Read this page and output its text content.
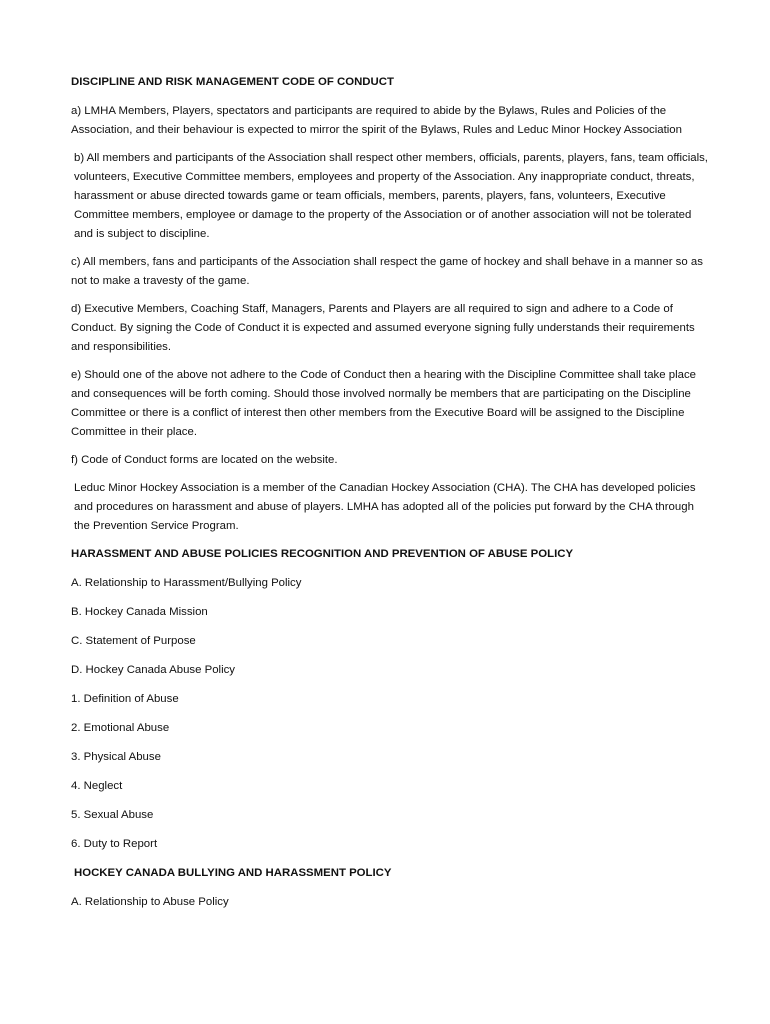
DISCIPLINE AND RISK MANAGEMENT CODE OF CONDUCT

a) LMHA Members, Players, spectators and participants are required to abide by the Bylaws, Rules and Policies of the Association, and their behaviour is expected to mirror the spirit of the Bylaws, Rules and Leduc Minor Hockey Association

b) All members and participants of the Association shall respect other members, officials, parents, players, fans, team officials, volunteers, Executive Committee members, employees and property of the Association. Any inappropriate conduct, threats, harassment or abuse directed towards game or team officials, members, parents, players, fans, volunteers, Executive Committee members, employee or damage to the property of the Association or of another association will not be tolerated and is subject to discipline.

c) All members, fans and participants of the Association shall respect the game of hockey and shall behave in a manner so as not to make a travesty of the game.

d) Executive Members, Coaching Staff, Managers, Parents and Players are all required to sign and adhere to a Code of Conduct. By signing the Code of Conduct it is expected and assumed everyone signing fully understands their requirements and responsibilities.

e) Should one of the above not adhere to the Code of Conduct then a hearing with the Discipline Committee shall take place and consequences will be forth coming. Should those involved normally be members that are participating on the Discipline Committee or there is a conflict of interest then other members from the Executive Board will be assigned to the Discipline Committee in their place.

f) Code of Conduct forms are located on the website.

Leduc Minor Hockey Association is a member of the Canadian Hockey Association (CHA). The CHA has developed policies and procedures on harassment and abuse of players. LMHA has adopted all of the policies put forward by the CHA through the Prevention Service Program.

HARASSMENT AND ABUSE POLICIES RECOGNITION AND PREVENTION OF ABUSE POLICY
A. Relationship to Harassment/Bullying Policy
B. Hockey Canada Mission
C. Statement of Purpose
D. Hockey Canada Abuse Policy
1. Definition of Abuse
2. Emotional Abuse
3. Physical Abuse
4. Neglect
5. Sexual Abuse
6. Duty to Report
HOCKEY CANADA BULLYING AND HARASSMENT POLICY
A. Relationship to Abuse Policy
